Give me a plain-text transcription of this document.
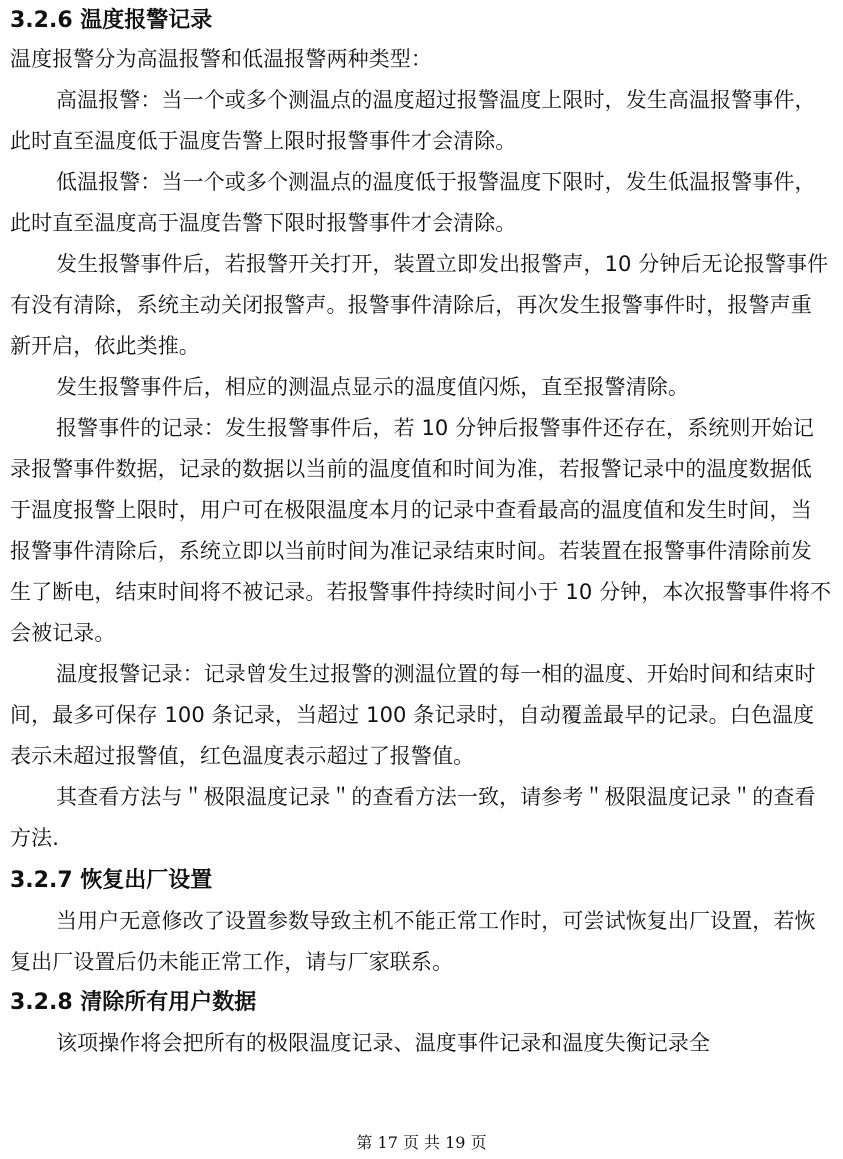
3.2.6 温度报警记录

温度报警分为高温报警和低温报警两种类型：

高温报警：当一个或多个测温点的温度超过报警温度上限时，发生高温报警事件，此时直至温度低于温度告警上限时报警事件才会清除。

低温报警：当一个或多个测温点的温度低于报警温度下限时，发生低温报警事件，此时直至温度高于温度告警下限时报警事件才会清除。

发生报警事件后，若报警开关打开，装置立即发出报警声，10 分钟后无论报警事件有没有清除，系统主动关闭报警声。报警事件清除后，再次发生报警事件时，报警声重新开启，依此类推。

发生报警事件后，相应的测温点显示的温度值闪烁，直至报警清除。

报警事件的记录：发生报警事件后，若 10 分钟后报警事件还存在，系统则开始记录报警事件数据，记录的数据以当前的温度值和时间为准，若报警记录中的温度数据低于温度报警上限时，用户可在极限温度本月的记录中查看最高的温度值和发生时间，当报警事件清除后，系统立即以当前时间为准记录结束时间。若装置在报警事件清除前发生了断电，结束时间将不被记录。若报警事件持续时间小于 10 分钟，本次报警事件将不会被记录。

温度报警记录：记录曾发生过报警的测温位置的每一相的温度、开始时间和结束时间，最多可保存 100 条记录，当超过 100 条记录时，自动覆盖最早的记录。白色温度表示未超过报警值，红色温度表示超过了报警值。

其查看方法与＂极限温度记录＂的查看方法一致，请参考＂极限温度记录＂的查看方法.

3.2.7 恢复出厂设置

当用户无意修改了设置参数导致主机不能正常工作时，可尝试恢复出厂设置，若恢复出厂设置后仍未能正常工作，请与厂家联系。

3.2.8 清除所有用户数据

该项操作将会把所有的极限温度记录、温度事件记录和温度失衡记录全

第 17 页 共 19 页
